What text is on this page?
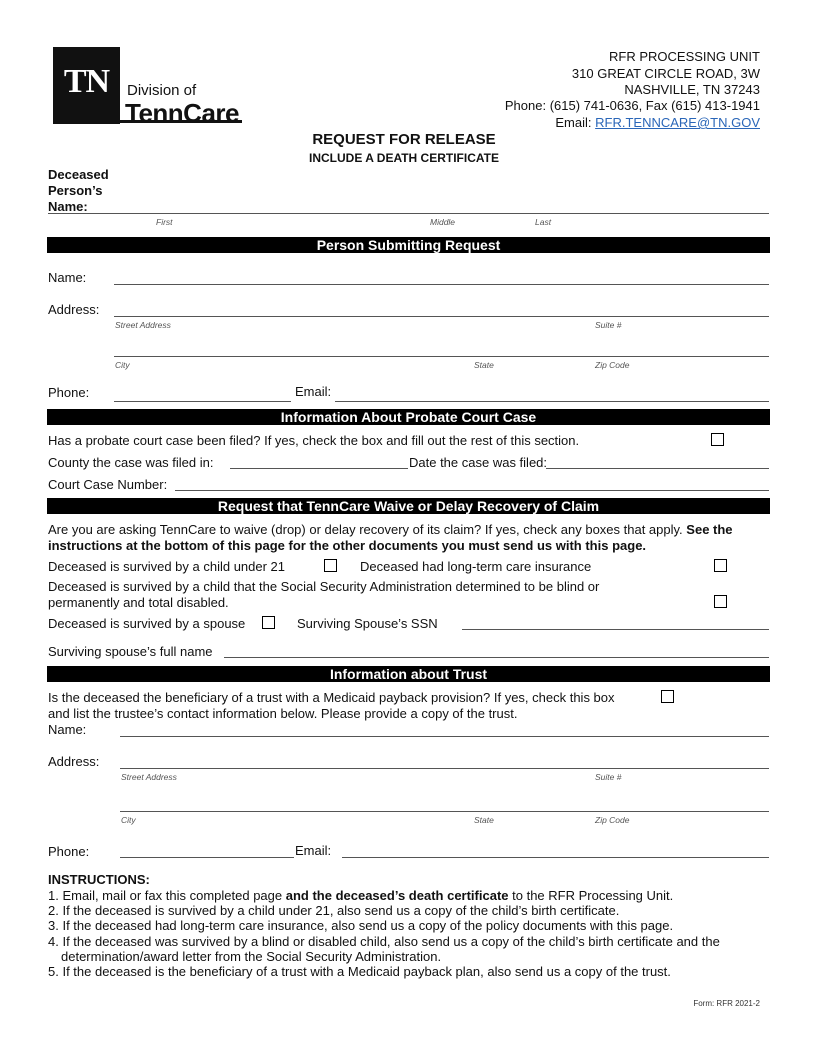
TN	Division of
TennCare
RFR PROCESSING UNIT
310 GREAT CIRCLE ROAD, 3W
NASHVILLE, TN 37243
Phone: (615) 741-0636, Fax (615) 413-1941
Email: RFR.TENNCARE@TN.GOV
REQUEST FOR RELEASE
INCLUDE A DEATH CERTIFICATE
Deceased
Person’s
Name:
First	Middle	Last
Person Submitting Request
Name:
Address:
Street Address	Suite #
City	State	Zip Code
Phone:	Email:
Information About Probate Court Case
Has a probate court case been filed? If yes, check the box and fill out the rest of this section.
County the case was filed in:	Date the case was filed:
Court Case Number:
Request that TennCare Waive or Delay Recovery of Claim
Are you are asking TennCare to waive (drop) or delay recovery of its claim? If yes, check any boxes that apply. See the
instructions at the bottom of this page for the other documents you must send us with this page.
Deceased is survived by a child under 21	Deceased had long-term care insurance
Deceased is survived by a child that the Social Security Administration determined to be blind or
permanently and total disabled.
Deceased is survived by a spouse	Surviving Spouse’s SSN
Surviving spouse’s full name
Information about Trust
Is the deceased the beneficiary of a trust with a Medicaid payback provision? If yes, check this box
and list the trustee’s contact information below. Please provide a copy of the trust.
Name:
Address:
Street Address	Suite #
City	State	Zip Code
Phone:	Email:
INSTRUCTIONS:
1. Email, mail or fax this completed page and the deceased’s death certificate to the RFR Processing Unit.
2. If the deceased is survived by a child under 21, also send us a copy of the child’s birth certificate.
3. If the deceased had long-term care insurance, also send us a copy of the policy documents with this page.
4. If the deceased was survived by a blind or disabled child, also send us a copy of the child’s birth certificate and the
determination/award letter from the Social Security Administration.
5. If the deceased is the beneficiary of a trust with a Medicaid payback plan, also send us a copy of the trust.
Form: RFR 2021-2
